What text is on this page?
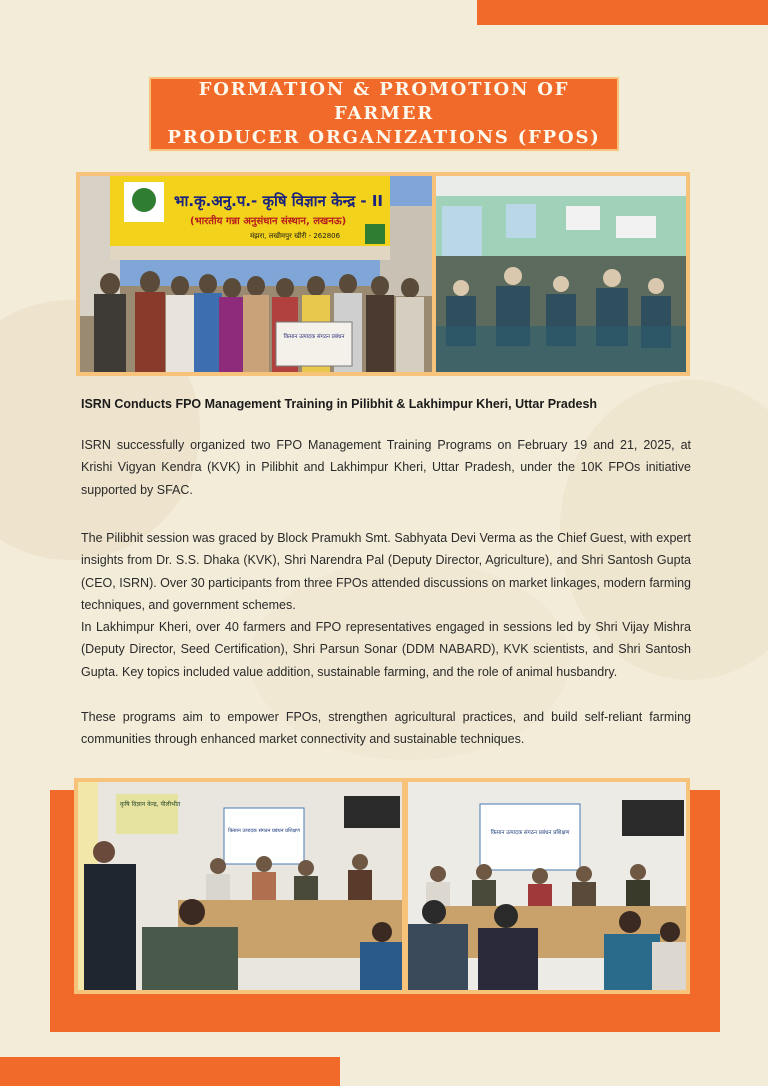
FORMATION & PROMOTION OF FARMER
PRODUCER ORGANIZATIONS (FPOS)
भा.कृ.अनु.प.- कृषि विज्ञान केन्द्र - II
(भारतीय गन्ना अनुसंधान संस्थान, लखनऊ)
मंझरा, लखीमपुर खीरी - 262806
किसान उत्पादक संगठन प्रबंधन
ISRN Conducts FPO Management Training in Pilibhit & Lakhimpur Kheri, Uttar Pradesh

ISRN successfully organized two FPO Management Training Programs on February 19 and 21, 2025, at Krishi Vigyan Kendra (KVK) in Pilibhit and Lakhimpur Kheri, Uttar Pradesh, under the 10K FPOs initiative supported by SFAC.

The Pilibhit session was graced by Block Pramukh Smt. Sabhyata Devi Verma as the Chief Guest, with expert insights from Dr. S.S. Dhaka (KVK), Shri Narendra Pal (Deputy Director, Agriculture), and Shri Santosh Gupta (CEO, ISRN). Over 30 participants from three FPOs attended discussions on market linkages, modern farming techniques, and government schemes.

In Lakhimpur Kheri, over 40 farmers and FPO representatives engaged in sessions led by Shri Vijay Mishra (Deputy Director, Seed Certification), Shri Parsun Sonar (DDM NABARD), KVK scientists, and Shri Santosh Gupta. Key topics included value addition, sustainable farming, and the role of animal husbandry.

These programs aim to empower FPOs, strengthen agricultural practices, and build self-reliant farming communities through enhanced market connectivity and sustainable techniques.

कृषि विज्ञान केन्द्र, पीलीभीत
किसान उत्पादक संगठन प्रबंधन प्रशिक्षण	किसान उत्पादक संगठन प्रबंधन प्रशिक्षण
